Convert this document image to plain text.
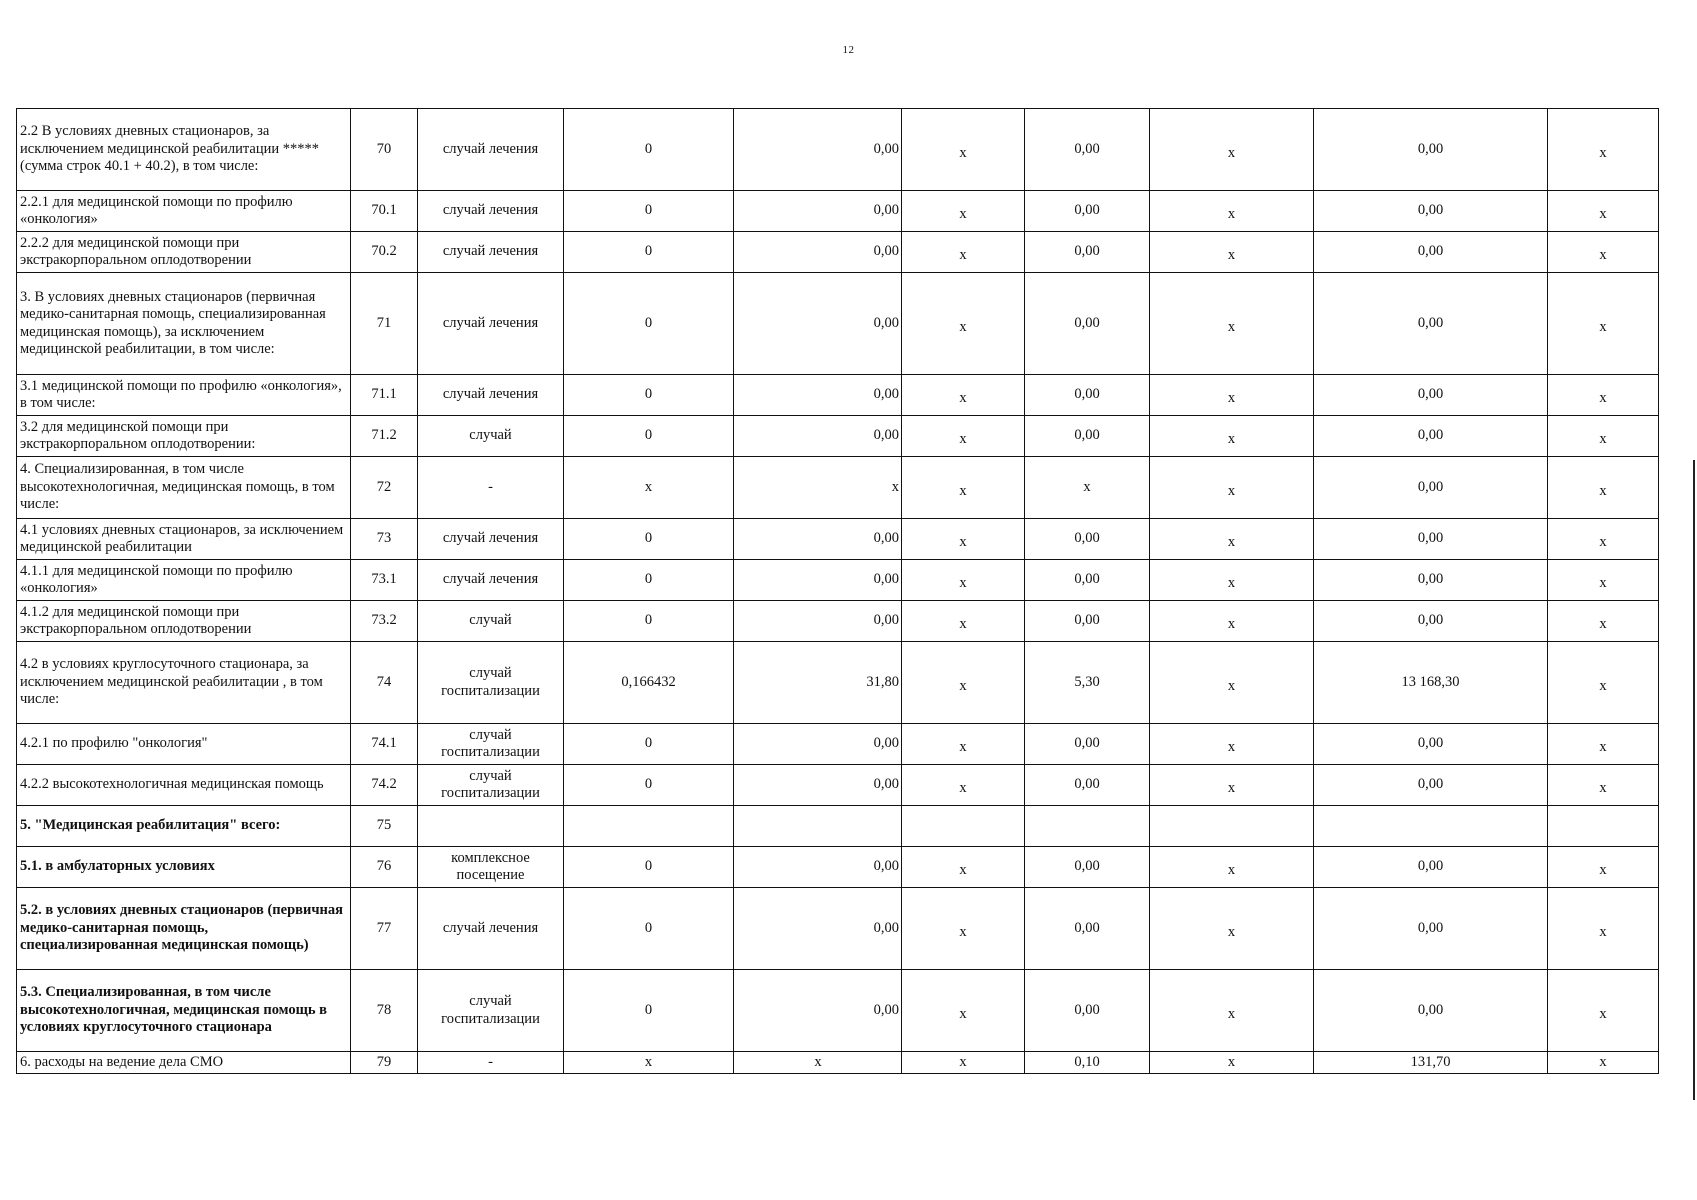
12
2.2 В условиях дневных стационаров, за исключением медицинской реабилитации ***** (сумма строк 40.1 + 40.2), в том числе:	70	случай лечения	0	0,00	х	0,00	х	0,00	х
2.2.1 для медицинской помощи по профилю «онкология»	70.1	случай лечения	0	0,00	х	0,00	х	0,00	х
2.2.2 для медицинской помощи при экстракорпоральном оплодотворении	70.2	случай лечения	0	0,00	х	0,00	х	0,00	х
3. В условиях дневных стационаров (первичная медико-санитарная помощь, специализированная медицинская помощь), за исключением медицинской реабилитации, в том числе:	71	случай лечения	0	0,00	х	0,00	х	0,00	х
3.1 медицинской помощи по профилю «онкология», в том числе:	71.1	случай лечения	0	0,00	х	0,00	х	0,00	х
3.2 для медицинской помощи при экстракорпоральном оплодотворении:	71.2	случай	0	0,00	х	0,00	х	0,00	х
4. Специализированная, в том числе высокотехнологичная, медицинская помощь, в том числе:	72	-	х	х	х	х	х	0,00	х
4.1 условиях дневных стационаров, за исключением медицинской реабилитации	73	случай лечения	0	0,00	х	0,00	х	0,00	х
4.1.1 для медицинской помощи по профилю «онкология»	73.1	случай лечения	0	0,00	х	0,00	х	0,00	х
4.1.2 для медицинской помощи при экстракорпоральном оплодотворении	73.2	случай	0	0,00	х	0,00	х	0,00	х
4.2 в условиях круглосуточного стационара, за исключением медицинской реабилитации , в том числе:	74	случай госпитализации	0,166432	31,80	х	5,30	х	13 168,30	х
4.2.1 по профилю "онкология"	74.1	случай госпитализации	0	0,00	х	0,00	х	0,00	х
4.2.2 высокотехнологичная медицинская помощь	74.2	случай госпитализации	0	0,00	х	0,00	х	0,00	х
5. "Медицинская реабилитация" всего:	75								
5.1. в амбулаторных условиях	76	комплексное посещение	0	0,00	х	0,00	х	0,00	х
5.2. в условиях дневных стационаров (первичная медико-санитарная помощь, специализированная медицинская помощь)	77	случай лечения	0	0,00	х	0,00	х	0,00	х
5.3. Специализированная, в том числе высокотехнологичная, медицинская помощь в условиях круглосуточного стационара	78	случай госпитализации	0	0,00	х	0,00	х	0,00	х
6. расходы на ведение дела СМО	79	-	х	х	х	0,10	х	131,70	х
